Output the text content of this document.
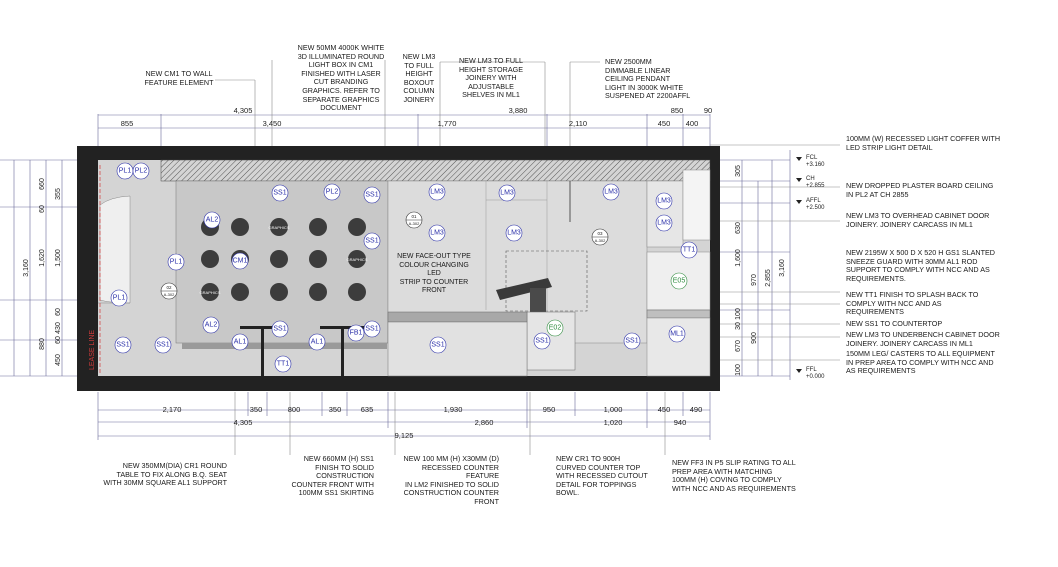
GRAPHICS
GRAPHICS
GRAPHICS
LEASE LINE
01
A-302
02
A-302
03
A-302
PL1 PL2
SS1	PL2	SS1	LM3	LM3	LM3
LM3
LM3
AL2
CM1
SS1
LM3	LM3
PL1
PL1
AL2
SS1	SS1
FB1
AL1	AL1
SS1	SS1
TT1
SS1
SS1	SS1
ML1
TT1
E05
E02
855	3,450	1,770	2,110	450 400
4,305	3,880	850	90
2,170	350	800	350	635	1,930	950	1,000	450	490
4,305	2,860	1,020	940
9,125
660
355
60
1,620 1,500
60
430
60
880
450
3,160
305
630
1,600
970
100
30
900
670
100
2,855
3,160
FCL
+3.160
CH
+2.855
AFFL
+2.500
FFL
+0.000
NEW CM1 TO WALL
FEATURE ELEMENT
NEW 50MM 4000K WHITE
3D ILLUMINATED ROUND
LIGHT BOX IN CM1
FINISHED WITH LASER
CUT BRANDING
GRAPHICS. REFER TO
SEPARATE GRAPHICS
DOCUMENT
NEW LM3
TO FULL
HEIGHT
BOXOUT
COLUMN
JOINERY
NEW LM3 TO FULL
HEIGHT STORAGE
JOINERY WITH
ADJUSTABLE
SHELVES IN ML1
NEW 2500MM
DIMMABLE LINEAR
CEILING PENDANT
LIGHT IN 3000K WHITE
SUSPENED AT 2200AFFL
100MM (W) RECESSED LIGHT COFFER WITH
LED STRIP LIGHT DETAIL
NEW DROPPED PLASTER BOARD CEILING
IN PL2 AT CH 2855
NEW LM3 TO OVERHEAD CABINET DOOR
JOINERY. JOINERY CARCASS IN ML1
NEW 2195W X 500 D X 520 H GS1 SLANTED
SNEEZE GUARD WITH 30MM AL1 ROD
SUPPORT TO COMPLY WITH NCC AND AS
REQUIREMENTS.
NEW TT1 FINISH TO SPLASH BACK TO
COMPLY WITH NCC AND AS
REQUIREMENTS
NEW SS1 TO COUNTERTOP
NEW LM3 TO UNDERBENCH CABINET DOOR
JOINERY. JOINERY CARCASS IN ML1
150MM LEG/ CASTERS TO ALL EQUIPMENT
IN PREP AREA TO COMPLY WITH NCC AND
AS REQUIREMENTS
NEW 350MM(DIA) CR1 ROUND
TABLE TO FIX ALONG B.Q. SEAT
WITH 30MM SQUARE AL1 SUPPORT
NEW 660MM (H) SS1
FINISH TO SOLID
CONSTRUCTION
COUNTER FRONT WITH
100MM SS1 SKIRTING
NEW 100 MM (H) X30MM (D)
RECESSED COUNTER FEATURE
IN LM2 FINISHED TO SOLID
CONSTRUCTION COUNTER
FRONT
NEW CR1 TO 900H
CURVED COUNTER TOP
WITH RECESSED CUTOUT
DETAIL FOR TOPPINGS
BOWL.
NEW FF3 IN P5 SLIP RATING TO ALL
PREP AREA WITH MATCHING
100MM (H) COVING TO COMPLY
WITH NCC AND AS REQUIREMENTS
NEW FACE-OUT TYPE
COLOUR CHANGING LED
STRIP TO COUNTER FRONT
